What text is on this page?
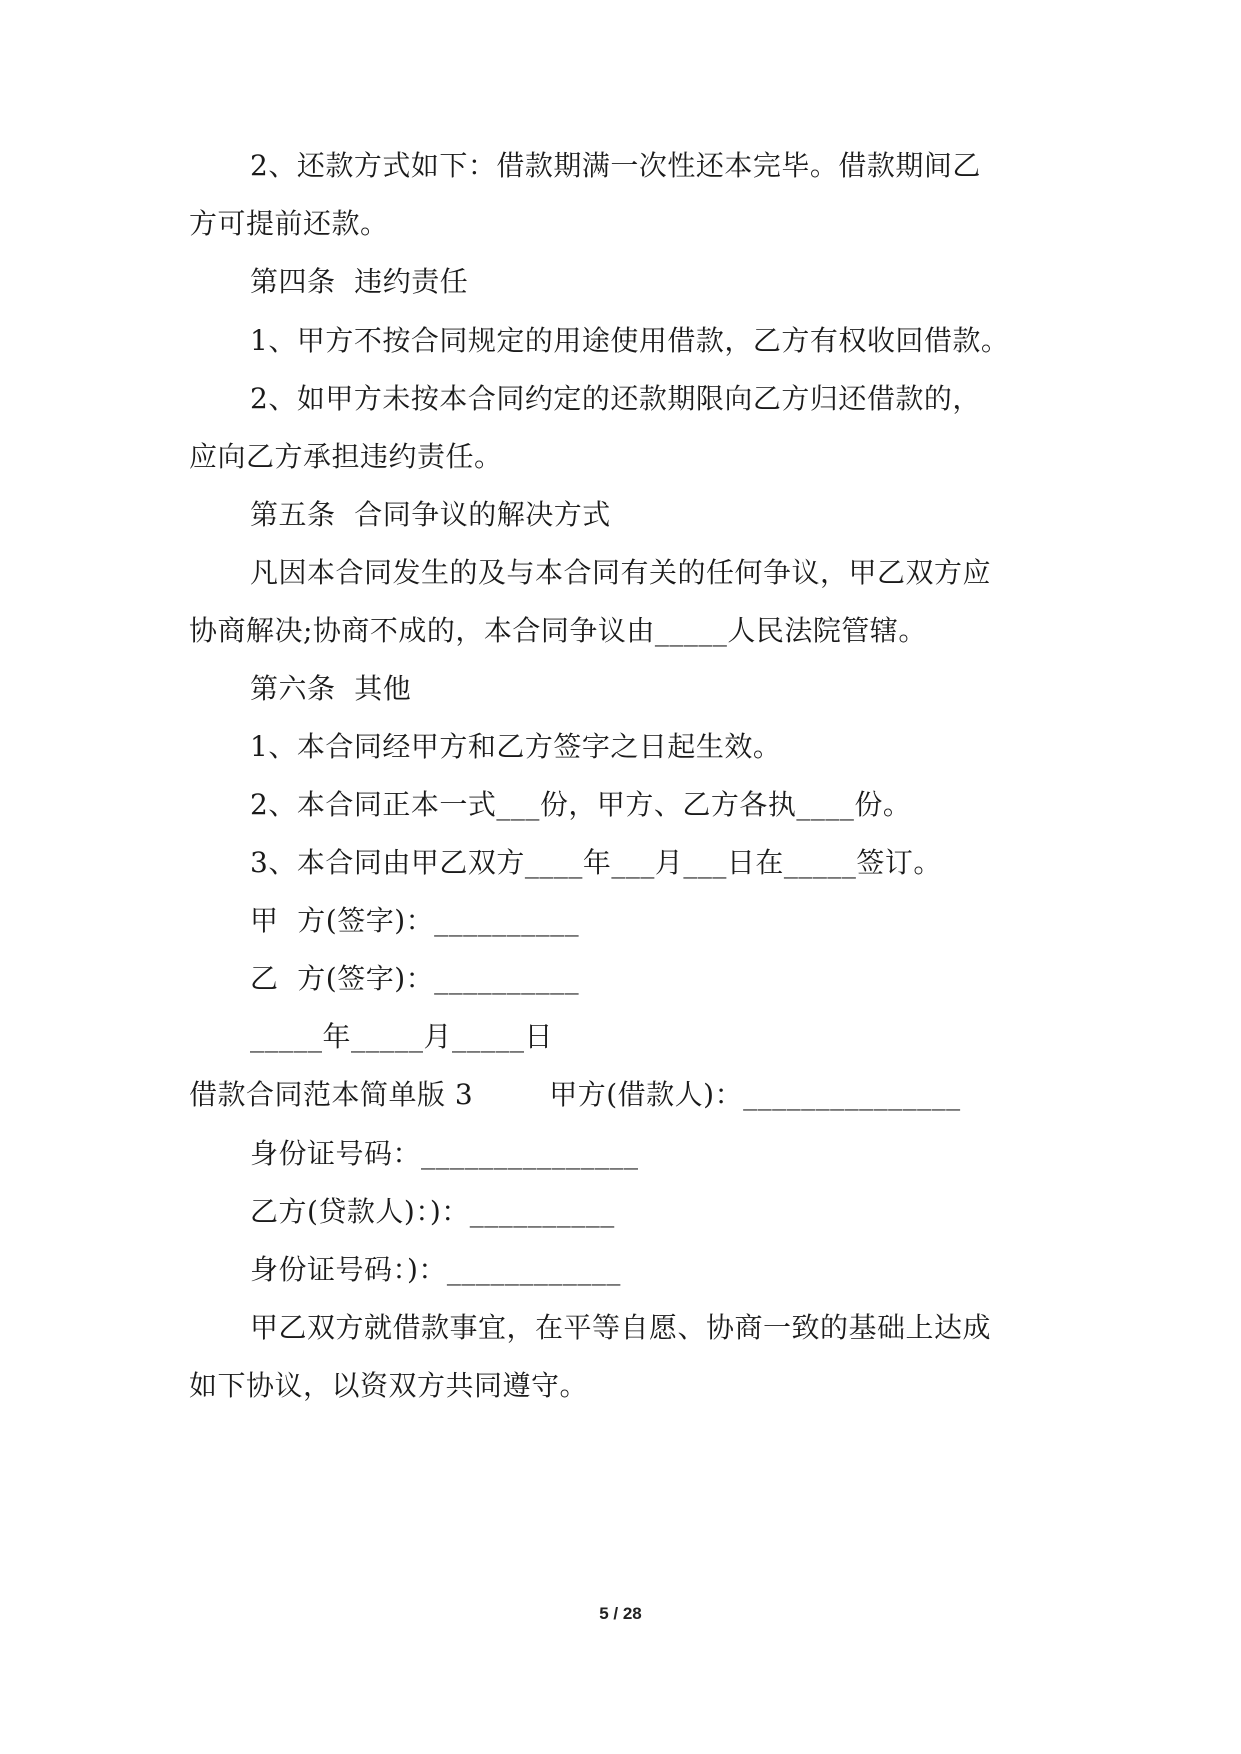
2、还款方式如下：借款期满一次性还本完毕。借款期间乙
方可提前还款。
第四条  违约责任
1、甲方不按合同规定的用途使用借款，乙方有权收回借款。
2、如甲方未按本合同约定的还款期限向乙方归还借款的，
应向乙方承担违约责任。
第五条  合同争议的解决方式
凡因本合同发生的及与本合同有关的任何争议，甲乙双方应
协商解决;协商不成的，本合同争议由_____人民法院管辖。
第六条  其他
1、本合同经甲方和乙方签字之日起生效。
2、本合同正本一式___份，甲方、乙方各执____份。
3、本合同由甲乙双方____年___月___日在_____签订。
甲  方(签字)：__________
乙  方(签字)：__________
_____年_____月_____日
借款合同范本简单版 3	甲方(借款人)：_______________
身份证号码：_______________
乙方(贷款人)：)：__________
身份证号码：)：____________
甲乙双方就借款事宜，在平等自愿、协商一致的基础上达成
如下协议，以资双方共同遵守。
5 / 28
